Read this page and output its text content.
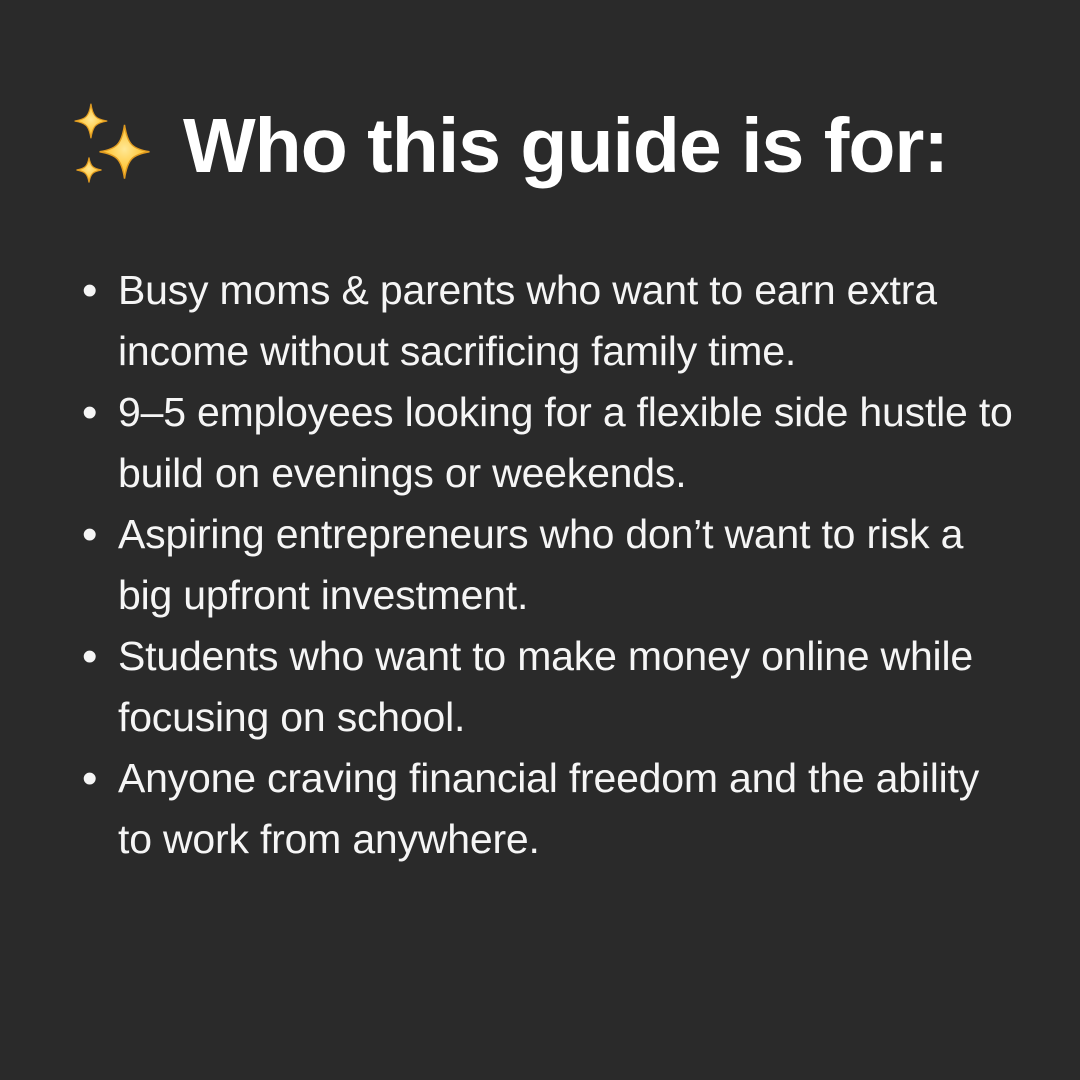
Who this guide is for:
• Busy moms & parents who want to earn extra income without sacrificing family time.
• 9–5 employees looking for a flexible side hustle to build on evenings or weekends.
• Aspiring entrepreneurs who don’t want to risk a big upfront investment.
• Students who want to make money online while focusing on school.
• Anyone craving financial freedom and the ability to work from anywhere.
